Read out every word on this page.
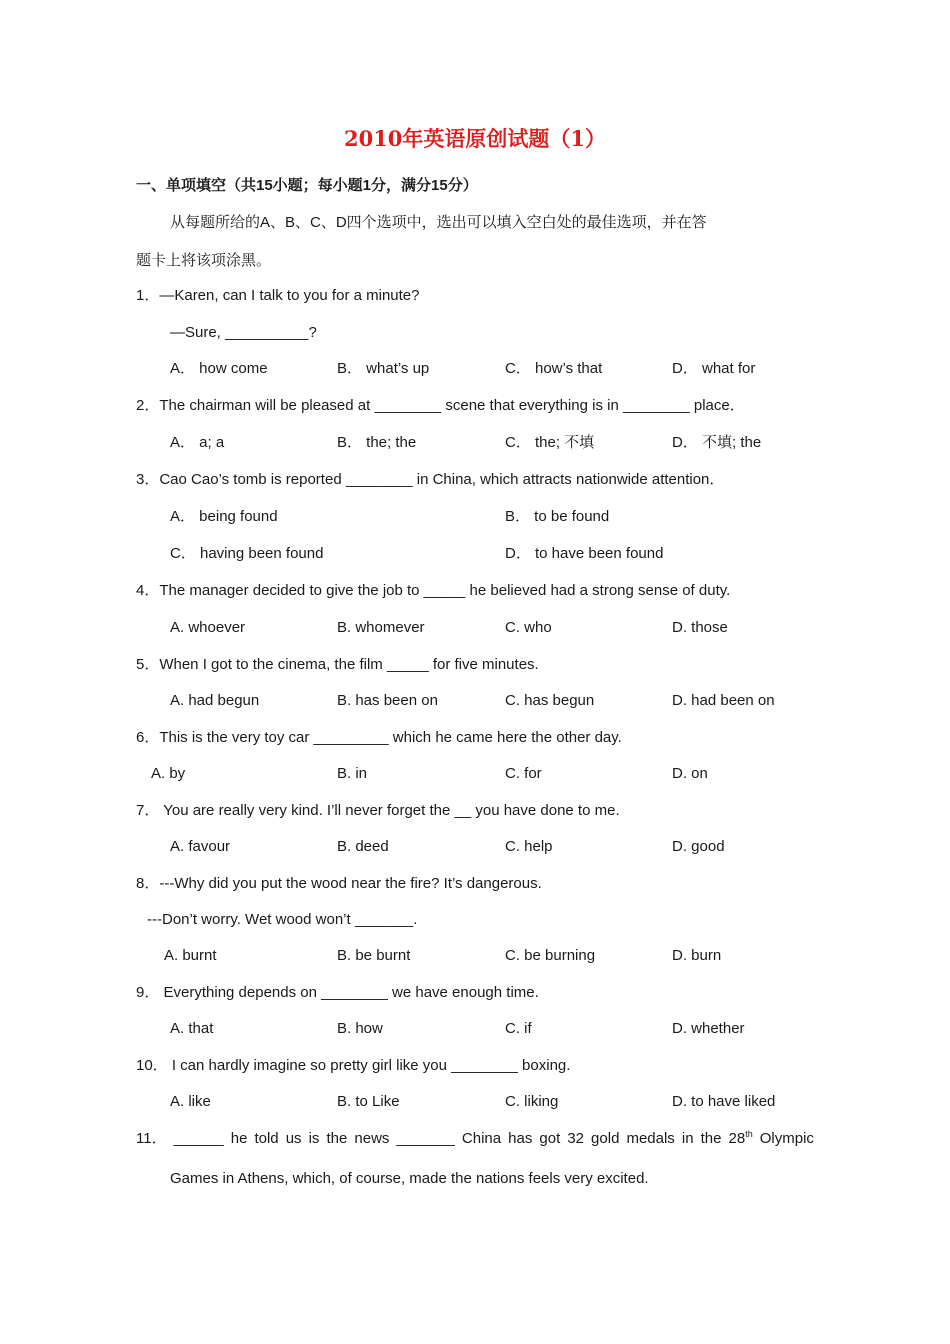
2010年英语原创试题（1）
一、单项填空（共15小题；每小题1分，满分15分）
从每题所给的A、B、C、D四个选项中，选出可以填入空白处的最佳选项，并在答
题卡上将该项涂黑。
1．—Karen, can I talk to you for a minute?
—Sure, __________?
A． how come	B． what’s up	C． how’s that	D． what for
2．The chairman will be pleased at ________ scene that everything is in ________ place．
A． a; a	B． the; the	C． the; 不填	D． 不填; the
3．Cao Cao’s tomb is reported ________ in China, which attracts nationwide attention．
A． being found	B． to be found
C． having been found	D． to have been found
4．The manager decided to give the job to _____ he believed had a strong sense of duty.
A. whoever	B. whomever	C. who	D. those
5．When I got to the cinema, the film _____ for five minutes.
A. had begun	B. has been on	C. has begun	D. had been on
6．This is the very toy car _________ which he came here the other day.
A. by	B. in	C. for	D. on
7． You are really very kind. I’ll never forget the __ you have done to me.
A. favour	B. deed	C. help	D. good
8．---Why did you put the wood near the fire? It’s dangerous.
---Don’t worry. Wet wood won’t _______.
A. burnt	B. be burnt	C. be burning	D. burn
9． Everything depends on ________ we have enough time.
A. that	B. how	C. if	D. whether
10． I can hardly imagine so pretty girl like you ________ boxing.
A. like	B. to Like	C. liking	D. to have liked
11． ______ he told us is the news _______ China has got 32 gold medals in the 28th Olympic
Games in Athens, which, of course, made the nations feels very excited.
